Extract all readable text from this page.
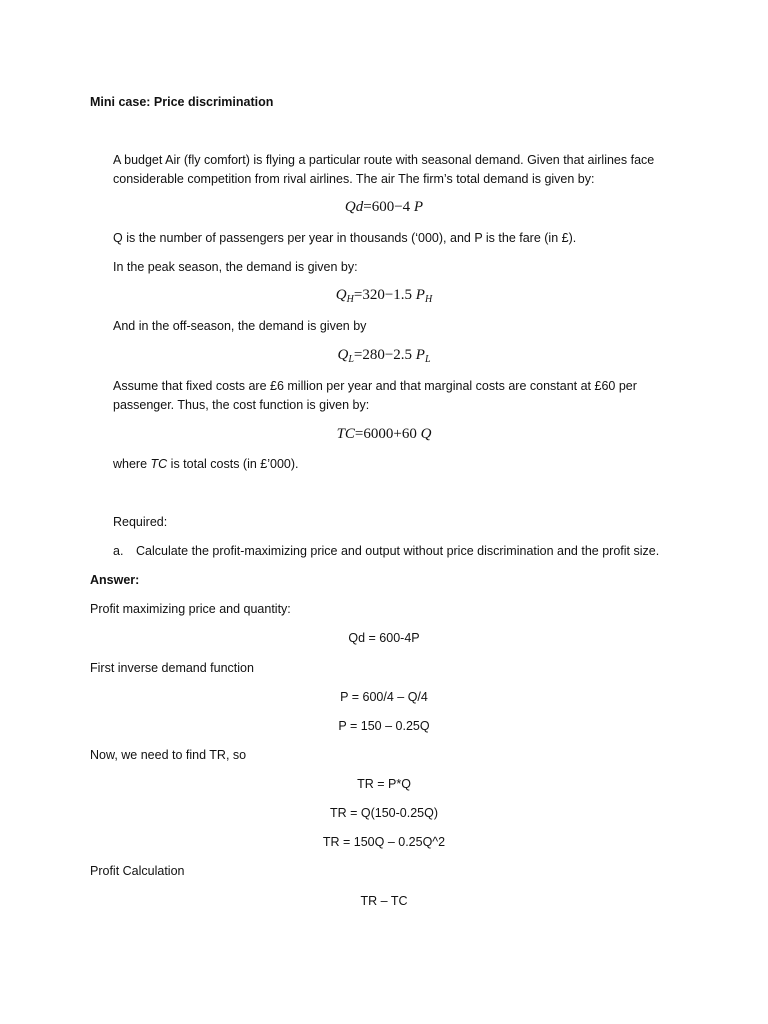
Mini case: Price discrimination
A budget Air (fly comfort) is flying a particular route with seasonal demand. Given that airlines face
considerable competition from rival airlines. The air The firm’s total demand is given by:
Qd=600−4 P
Q is the number of passengers per year in thousands (‘000), and P is the fare (in £).
In the peak season, the demand is given by:
$Q_H=320-1.5$ $P_H$
And in the off-season, the demand is given by
$Q_L=280-2.5$ $P_L$
Assume that fixed costs are £6 million per year and that marginal costs are constant at £60 per
passenger. Thus, the cost function is given by:
TC=6000+60 Q
where TC is total costs (in £’000).
Required:
a. Calculate the profit-maximizing price and output without price discrimination and the profit size.
Answer:
Profit maximizing price and quantity:
Qd = 600-4P
First inverse demand function
P = 600/4 – Q/4
P = 150 – 0.25Q
Now, we need to find TR, so
TR = P*Q
TR = Q(150-0.25Q)
TR = 150Q – 0.25Q^2
Profit Calculation
TR – TC
